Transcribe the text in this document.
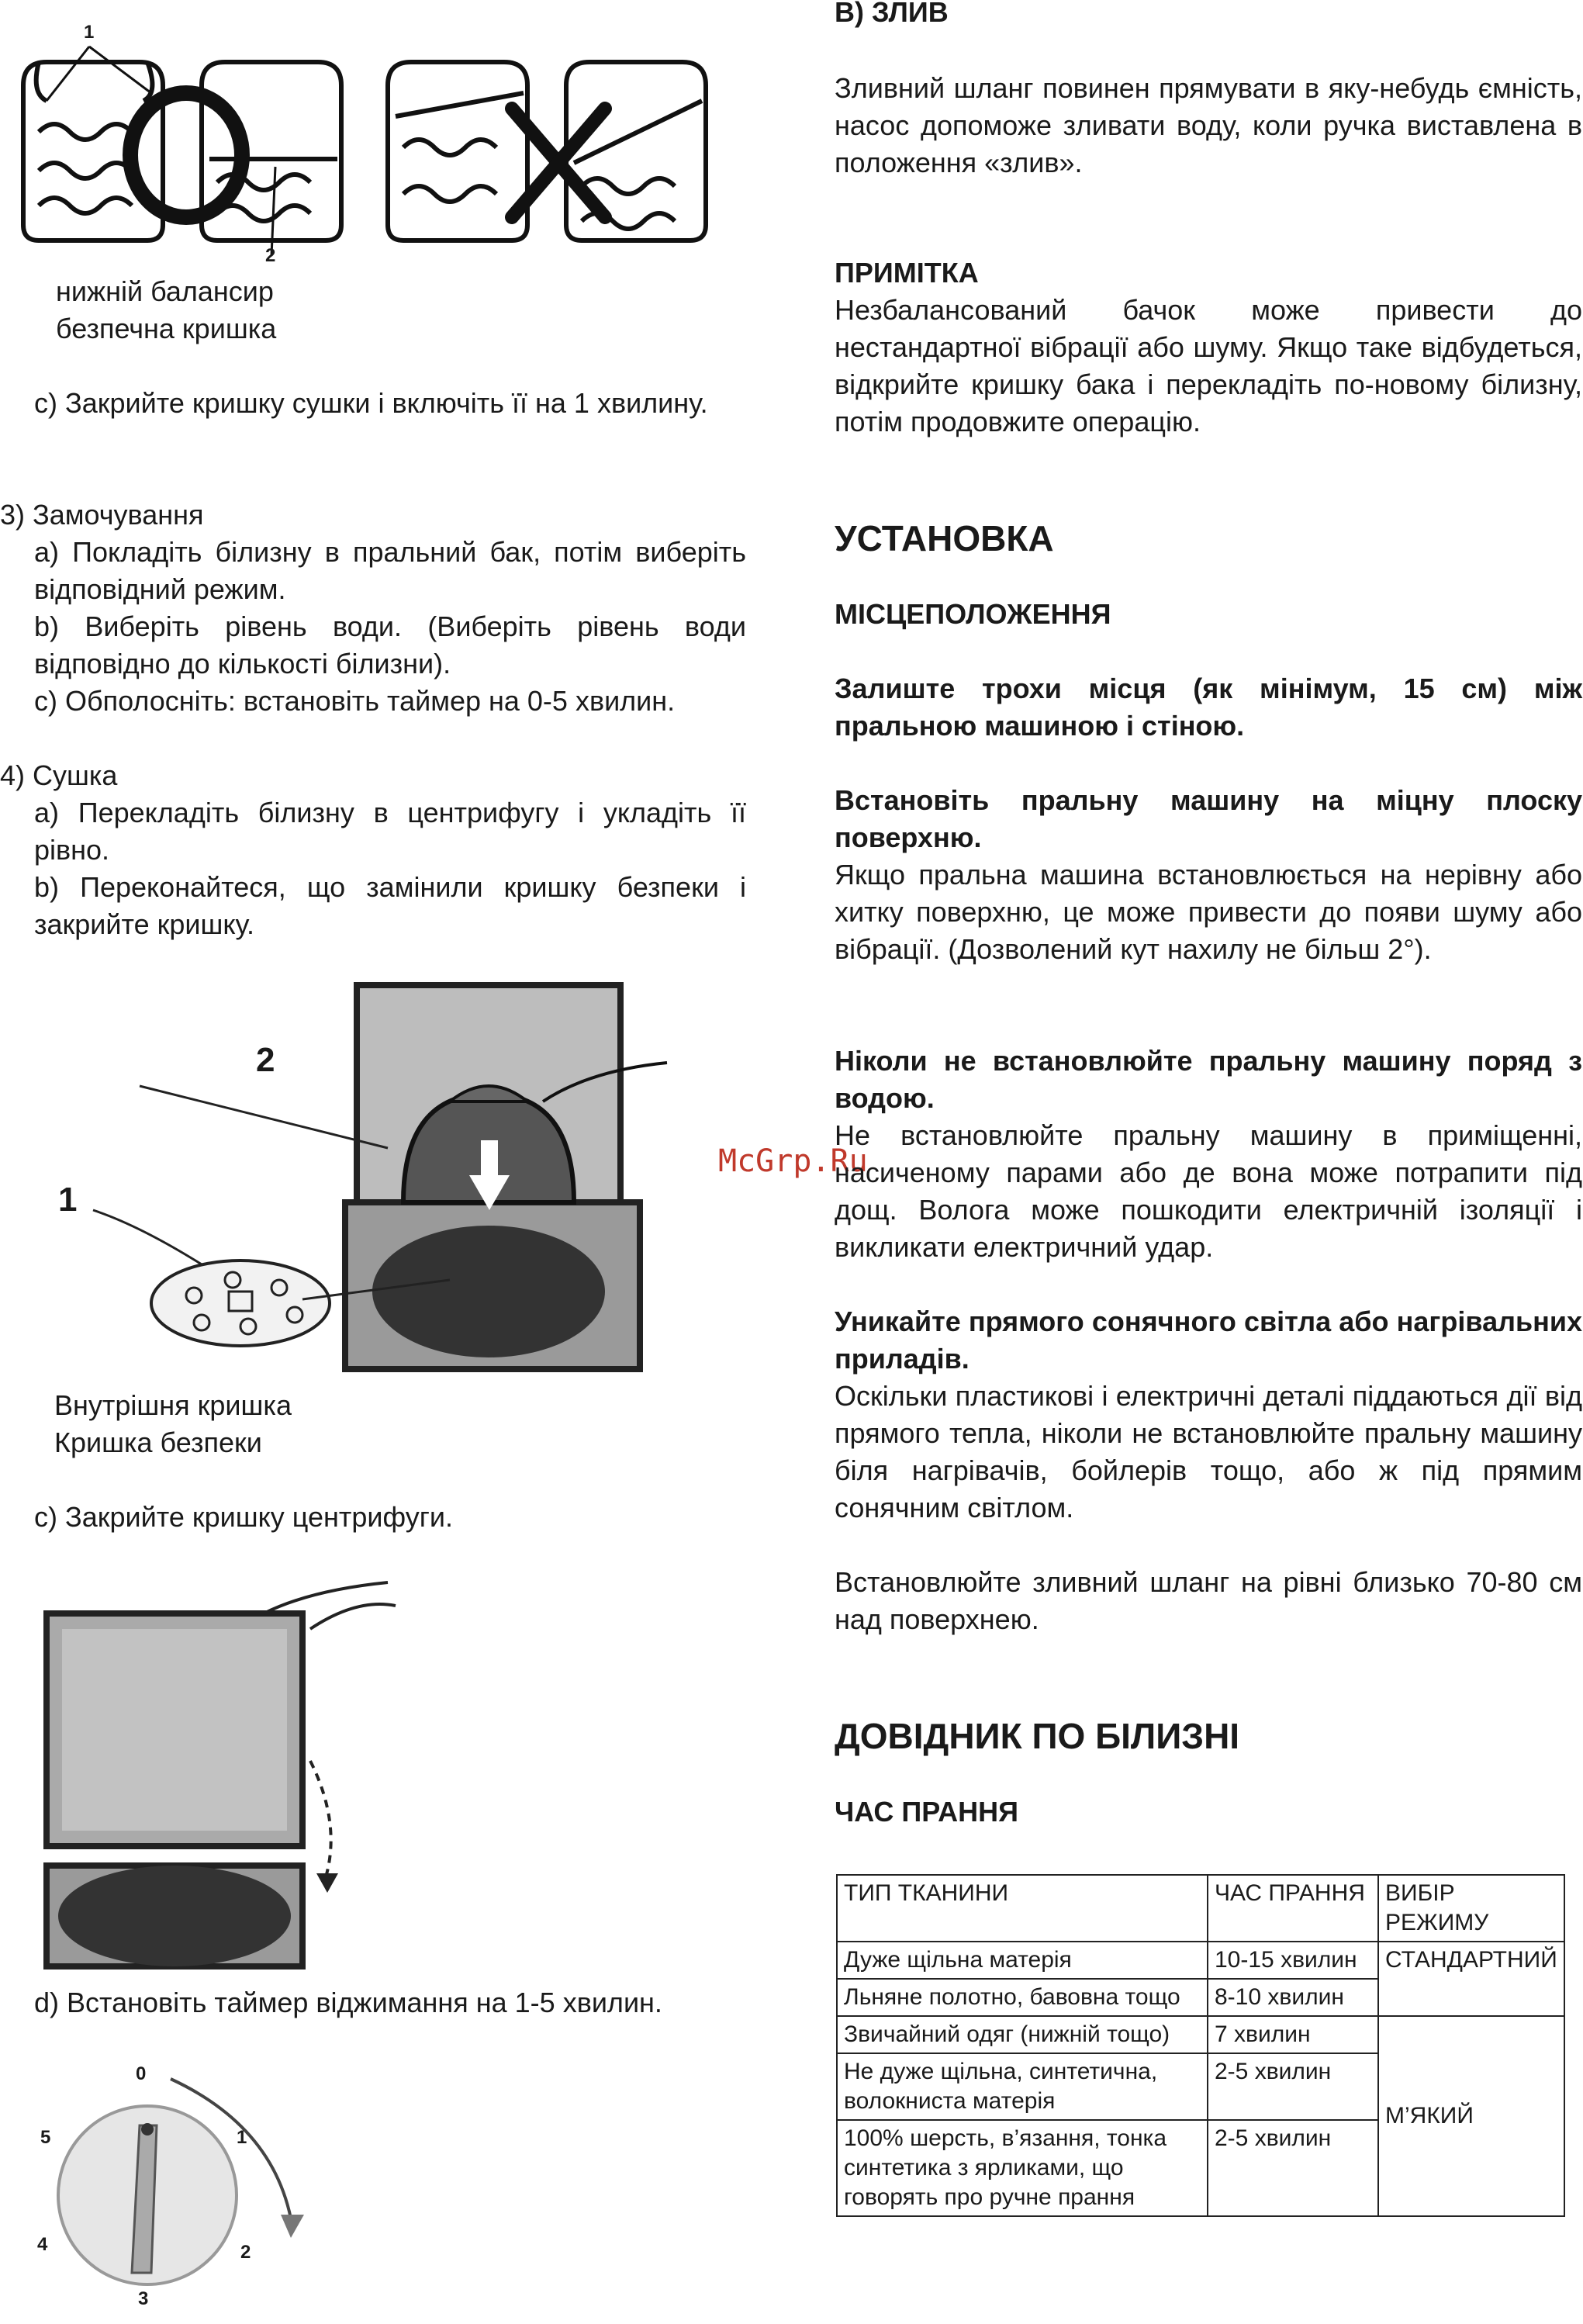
1
2
нижній балансир
безпечна кришка
c) Закрийте кришку сушки і включіть її на 1 хвилину.
3) Замочування
a) Покладіть білизну в пральний бак, потім виберіть відповідний режим.
b) Виберіть рівень води. (Виберіть рівень води відповідно до кількості білизни).
c) Обполосніть: встановіть таймер на 0-5 хвилин.
4) Сушка
a) Перекладіть білизну в центрифугу і укладіть її рівно.
b) Переконайтеся, що замінили кришку безпеки і закрийте кришку.
2
1
Внутрішня кришка
Кришка безпеки
c) Закрийте кришку центрифуги.
d) Встановіть таймер віджимання на 1-5 хвилин.
0
1
2
3
4
5
McGrp.Ru
B) ЗЛИВ
Зливний шланг повинен прямувати в яку-небудь ємність, насос допоможе зливати воду, коли ручка виставлена в положення «злив».
ПРИМІТКА
Незбалансований бачок може привести до нестандартної вібрації або шуму. Якщо таке відбудеться, відкрийте кришку бака і перекладіть по-новому білизну, потім продовжите операцію.
УСТАНОВКА
МІСЦЕПОЛОЖЕННЯ
Залиште трохи місця (як мінімум, 15 см) між пральною машиною і стіною.
Встановіть пральну машину на міцну плоску поверхню.
Якщо пральна машина встановлюється на нерівну або хитку поверхню, це може привести до появи шуму або вібрації. (Дозволений кут нахилу не більш 2°).
Ніколи не встановлюйте пральну машину поряд з водою.
Не встановлюйте пральну машину в приміщенні, насиченому парами або де вона може потрапити під дощ. Волога може пошкодити електричній ізоляції і викликати електричний удар.
Уникайте прямого сонячного світла або нагрівальних приладів.
Оскільки пластикові і електричні деталі піддаються дії від прямого тепла, ніколи не встановлюйте пральну машину біля нагрівачів, бойлерів тощо, або ж під прямим сонячним світлом.
Встановлюйте зливний шланг на рівні близько 70-80 см над поверхнею.
ДОВІДНИК ПО БІЛИЗНІ
ЧАС ПРАННЯ
ТИП ТКАНИНИ	ЧАС ПРАННЯ	ВИБІР РЕЖИМУ
Дуже щільна матерія	10-15 хвилин	СТАНДАРТНИЙ
Льняне полотно, бавовна тощо	8-10 хвилин	
Звичайний одяг (нижній тощо)	7 хвилин	М’ЯКИЙ
Не дуже щільна, синтетична, волокниста матерія	2-5 хвилин	
100% шерсть, в’язання, тонка синтетика з ярликами, що говорять про ручне прання	2-5 хвилин	
